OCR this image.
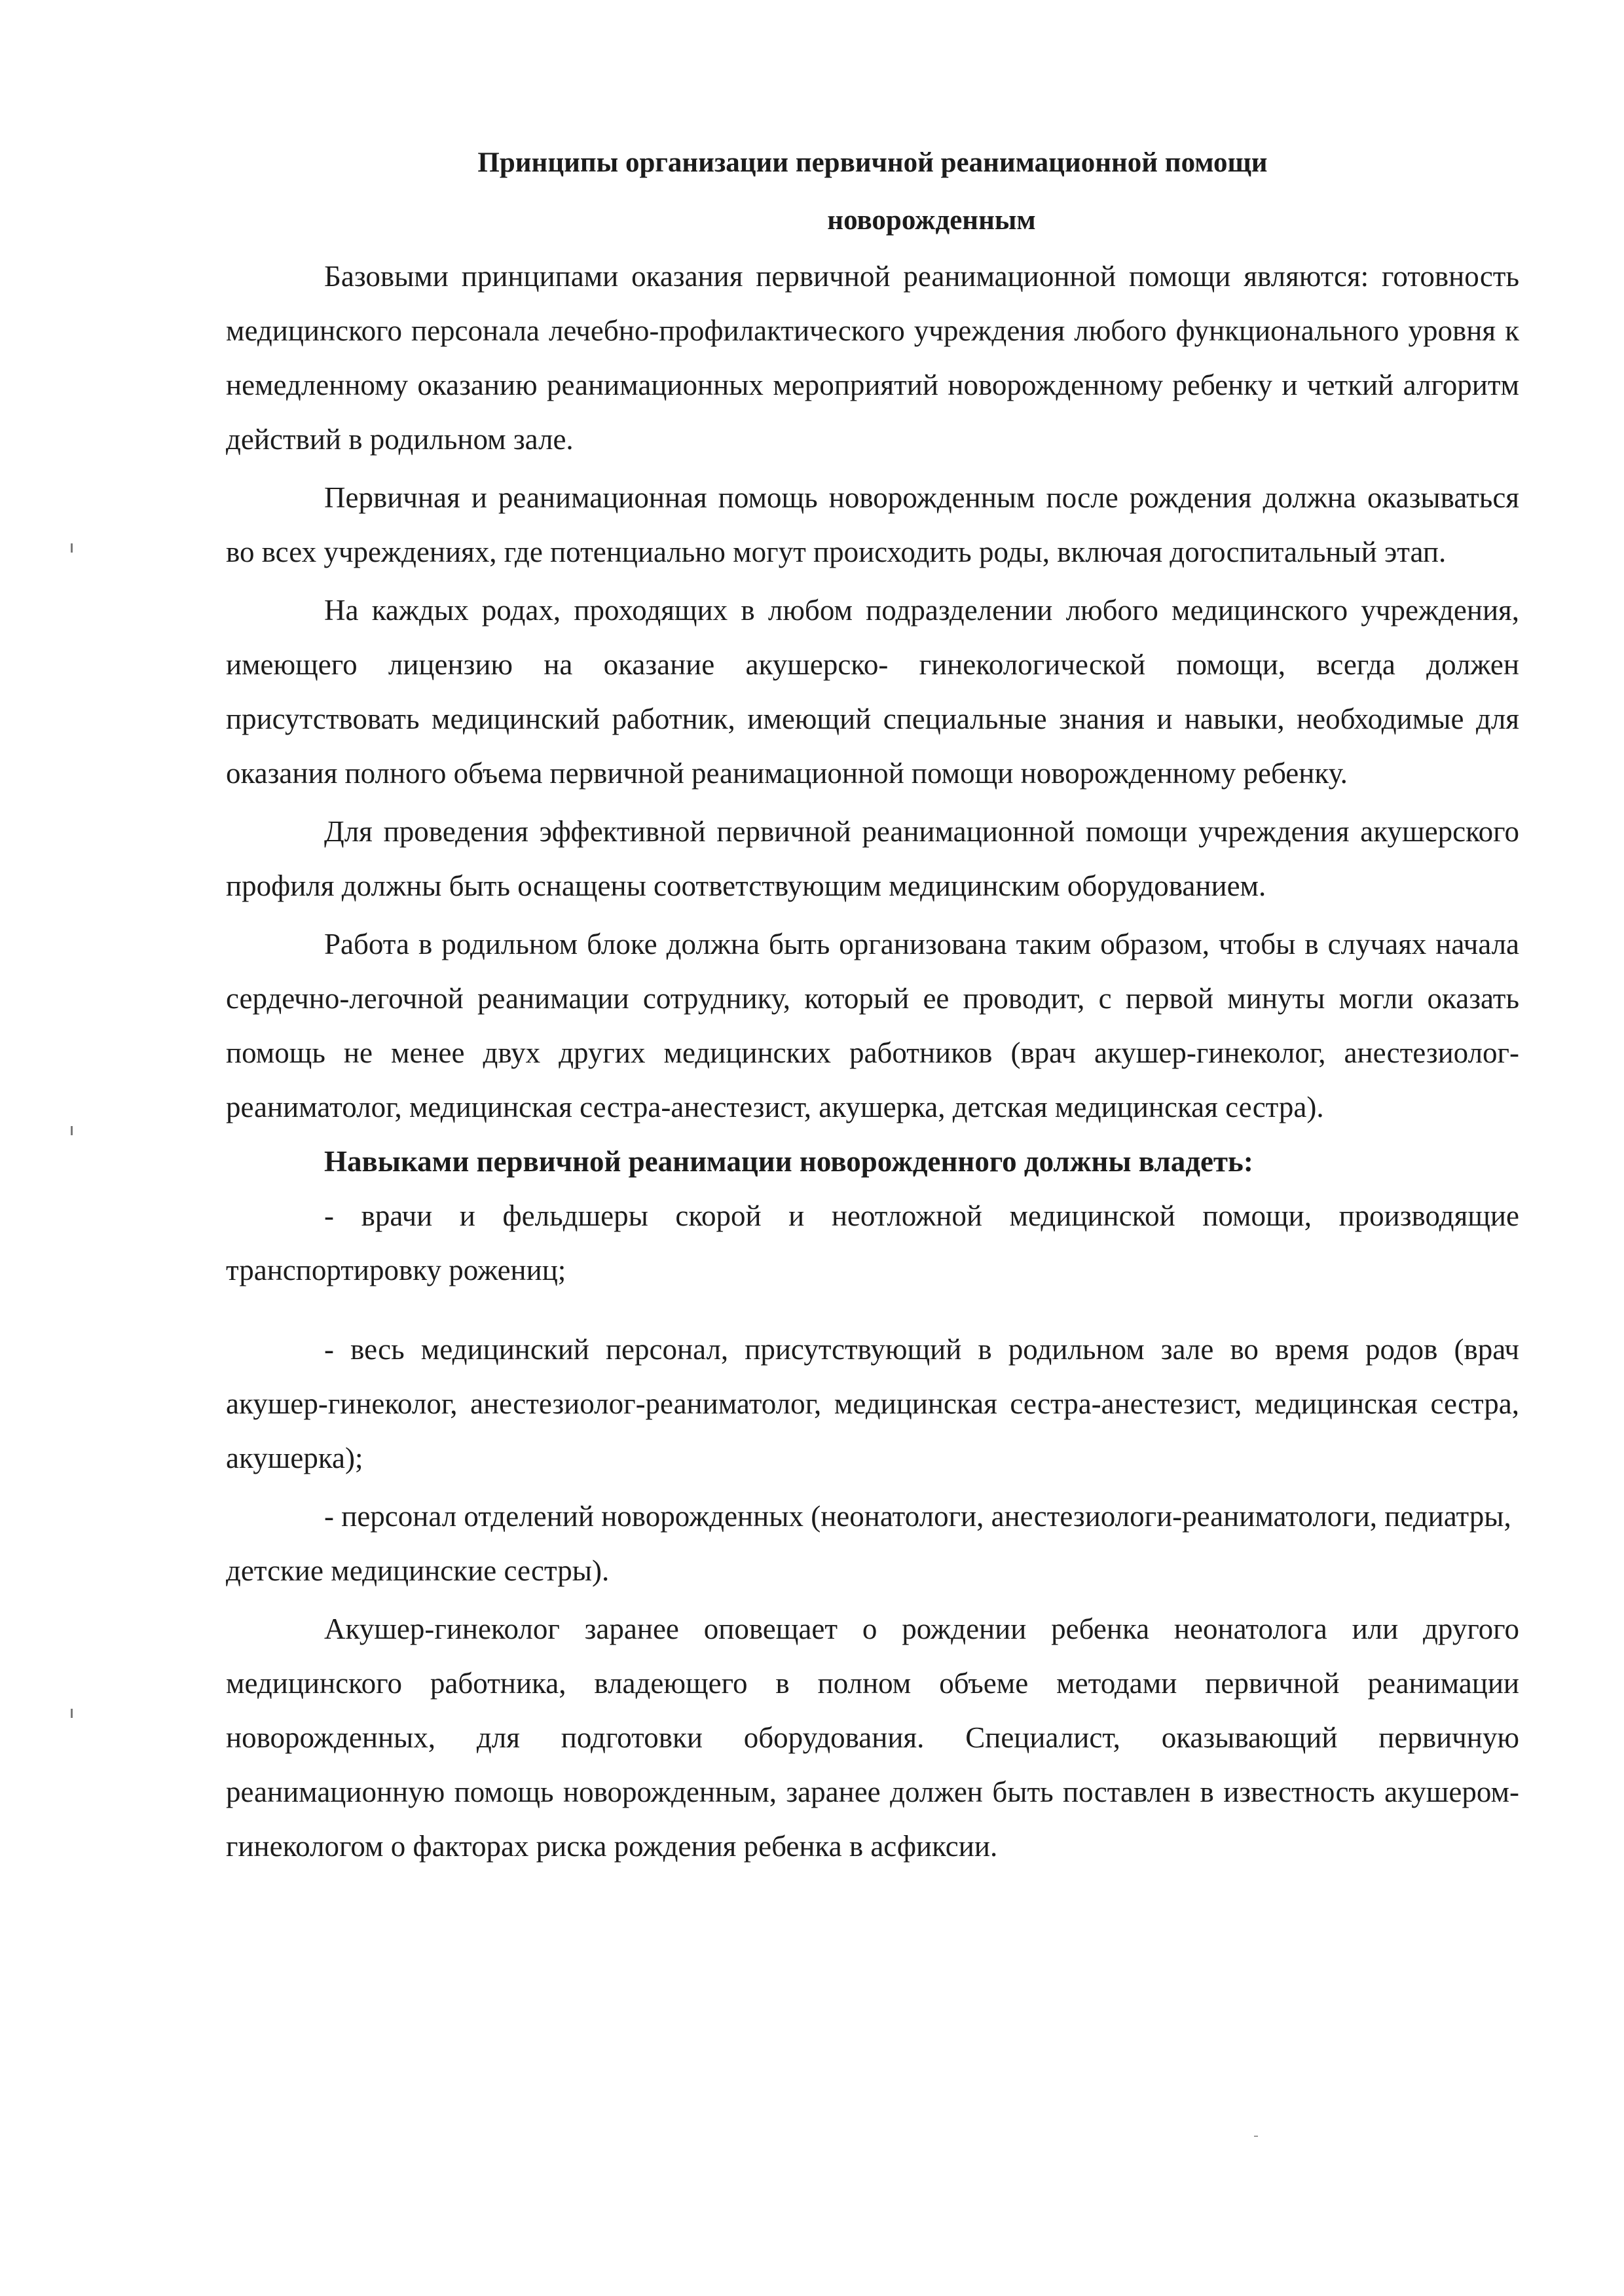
Принципы организации первичной реанимационной помощи
новорожденным

Базовыми принципами оказания первичной реанимационной помощи являются: готовность медицинского персонала лечебно-профилактического учреждения любого функционального уровня к немедленному оказанию реанимационных мероприятий новорожденному ребенку и четкий алгоритм действий в родильном зале.

Первичная и реанимационная помощь новорожденным после рождения должна оказываться во всех учреждениях, где потенциально могут происходить роды, включая догоспитальный этап.

На каждых родах, проходящих в любом подразделении любого медицинского учреждения, имеющего лицензию на оказание акушерско- гинекологической помощи, всегда должен присутствовать медицинский работник, имеющий специальные знания и навыки, необходимые для оказания полного объема первичной реанимационной помощи новорожденному ребенку.

Для проведения эффективной первичной реанимационной помощи учреждения акушерского профиля должны быть оснащены соответствующим медицинским оборудованием.

Работа в родильном блоке должна быть организована таким образом, чтобы в случаях начала сердечно-легочной реанимации сотруднику, который ее проводит, с первой минуты могли оказать помощь не менее двух других медицинских работников (врач акушер-гинеколог, анестезиолог- реаниматолог, медицинская сестра-анестезист, акушерка, детская медицинская сестра).

Навыками первичной реанимации новорожденного должны владеть:

- врачи и фельдшеры скорой и неотложной медицинской помощи, производящие транспортировку рожениц;

- весь медицинский персонал, присутствующий в родильном зале во время родов (врач акушер-гинеколог, анестезиолог-реаниматолог, медицинская сестра-анестезист, медицинская сестра, акушерка);

- персонал отделений новорожденных (неонатологи, анестезиологи-реаниматологи, педиатры, детские медицинские сестры).

Акушер-гинеколог заранее оповещает о рождении ребенка неонатолога или другого медицинского работника, владеющего в полном объеме методами первичной реанимации новорожденных, для подготовки оборудования. Специалист, оказывающий первичную реанимационную помощь новорожденным, заранее должен быть поставлен в известность акушером-гинекологом о факторах риска рождения ребенка в асфиксии.
